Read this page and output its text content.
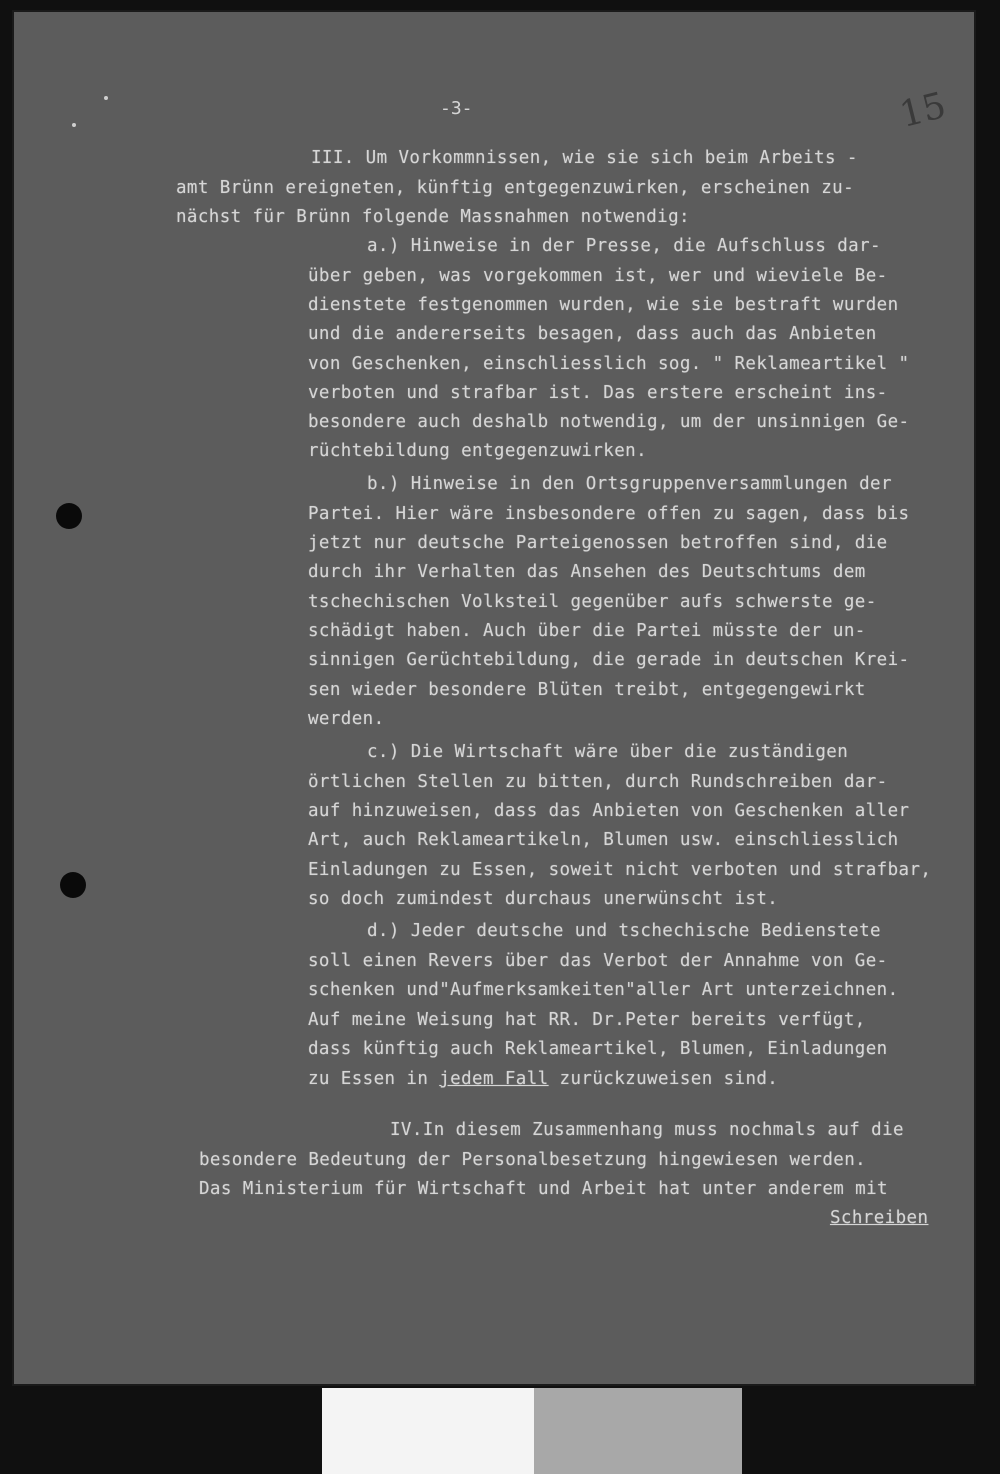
-3-	15
III. Um Vorkommnissen, wie sie sich beim Arbeits -
amt Brünn ereigneten, künftig entgegenzuwirken, erscheinen zu-
nächst für Brünn folgende Massnahmen notwendig:
a.) Hinweise in der Presse, die Aufschluss dar-
über geben, was vorgekommen ist, wer und wieviele Be-
dienstete festgenommen wurden, wie sie bestraft wurden
und die andererseits besagen, dass auch das Anbieten
von Geschenken, einschliesslich sog. " Reklameartikel "
verboten und strafbar ist. Das erstere erscheint ins-
besondere auch deshalb notwendig, um der unsinnigen Ge-
rüchtebildung entgegenzuwirken.
b.) Hinweise in den Ortsgruppenversammlungen der
Partei. Hier wäre insbesondere offen zu sagen, dass bis
jetzt nur deutsche Parteigenossen betroffen sind, die
durch ihr Verhalten das Ansehen des Deutschtums dem
tschechischen Volksteil gegenüber aufs schwerste ge-
schädigt haben. Auch über die Partei müsste der un-
sinnigen Gerüchtebildung, die gerade in deutschen Krei-
sen wieder besondere Blüten treibt, entgegengewirkt
werden.
c.) Die Wirtschaft wäre über die zuständigen
örtlichen Stellen zu bitten, durch Rundschreiben dar-
auf hinzuweisen, dass das Anbieten von Geschenken aller
Art, auch Reklameartikeln, Blumen usw. einschliesslich
Einladungen zu Essen, soweit nicht verboten und strafbar,
so doch zumindest durchaus unerwünscht ist.
d.) Jeder deutsche und tschechische Bedienstete
soll einen Revers über das Verbot der Annahme von Ge-
schenken und"Aufmerksamkeiten"aller Art unterzeichnen.
Auf meine Weisung hat RR. Dr.Peter bereits verfügt,
dass künftig auch Reklameartikel, Blumen, Einladungen
zu Essen in jedem Fall zurückzuweisen sind.
IV.In diesem Zusammenhang muss nochmals auf die
besondere Bedeutung der Personalbesetzung hingewiesen werden.
Das Ministerium für Wirtschaft und Arbeit hat unter anderem mit
Schreiben
